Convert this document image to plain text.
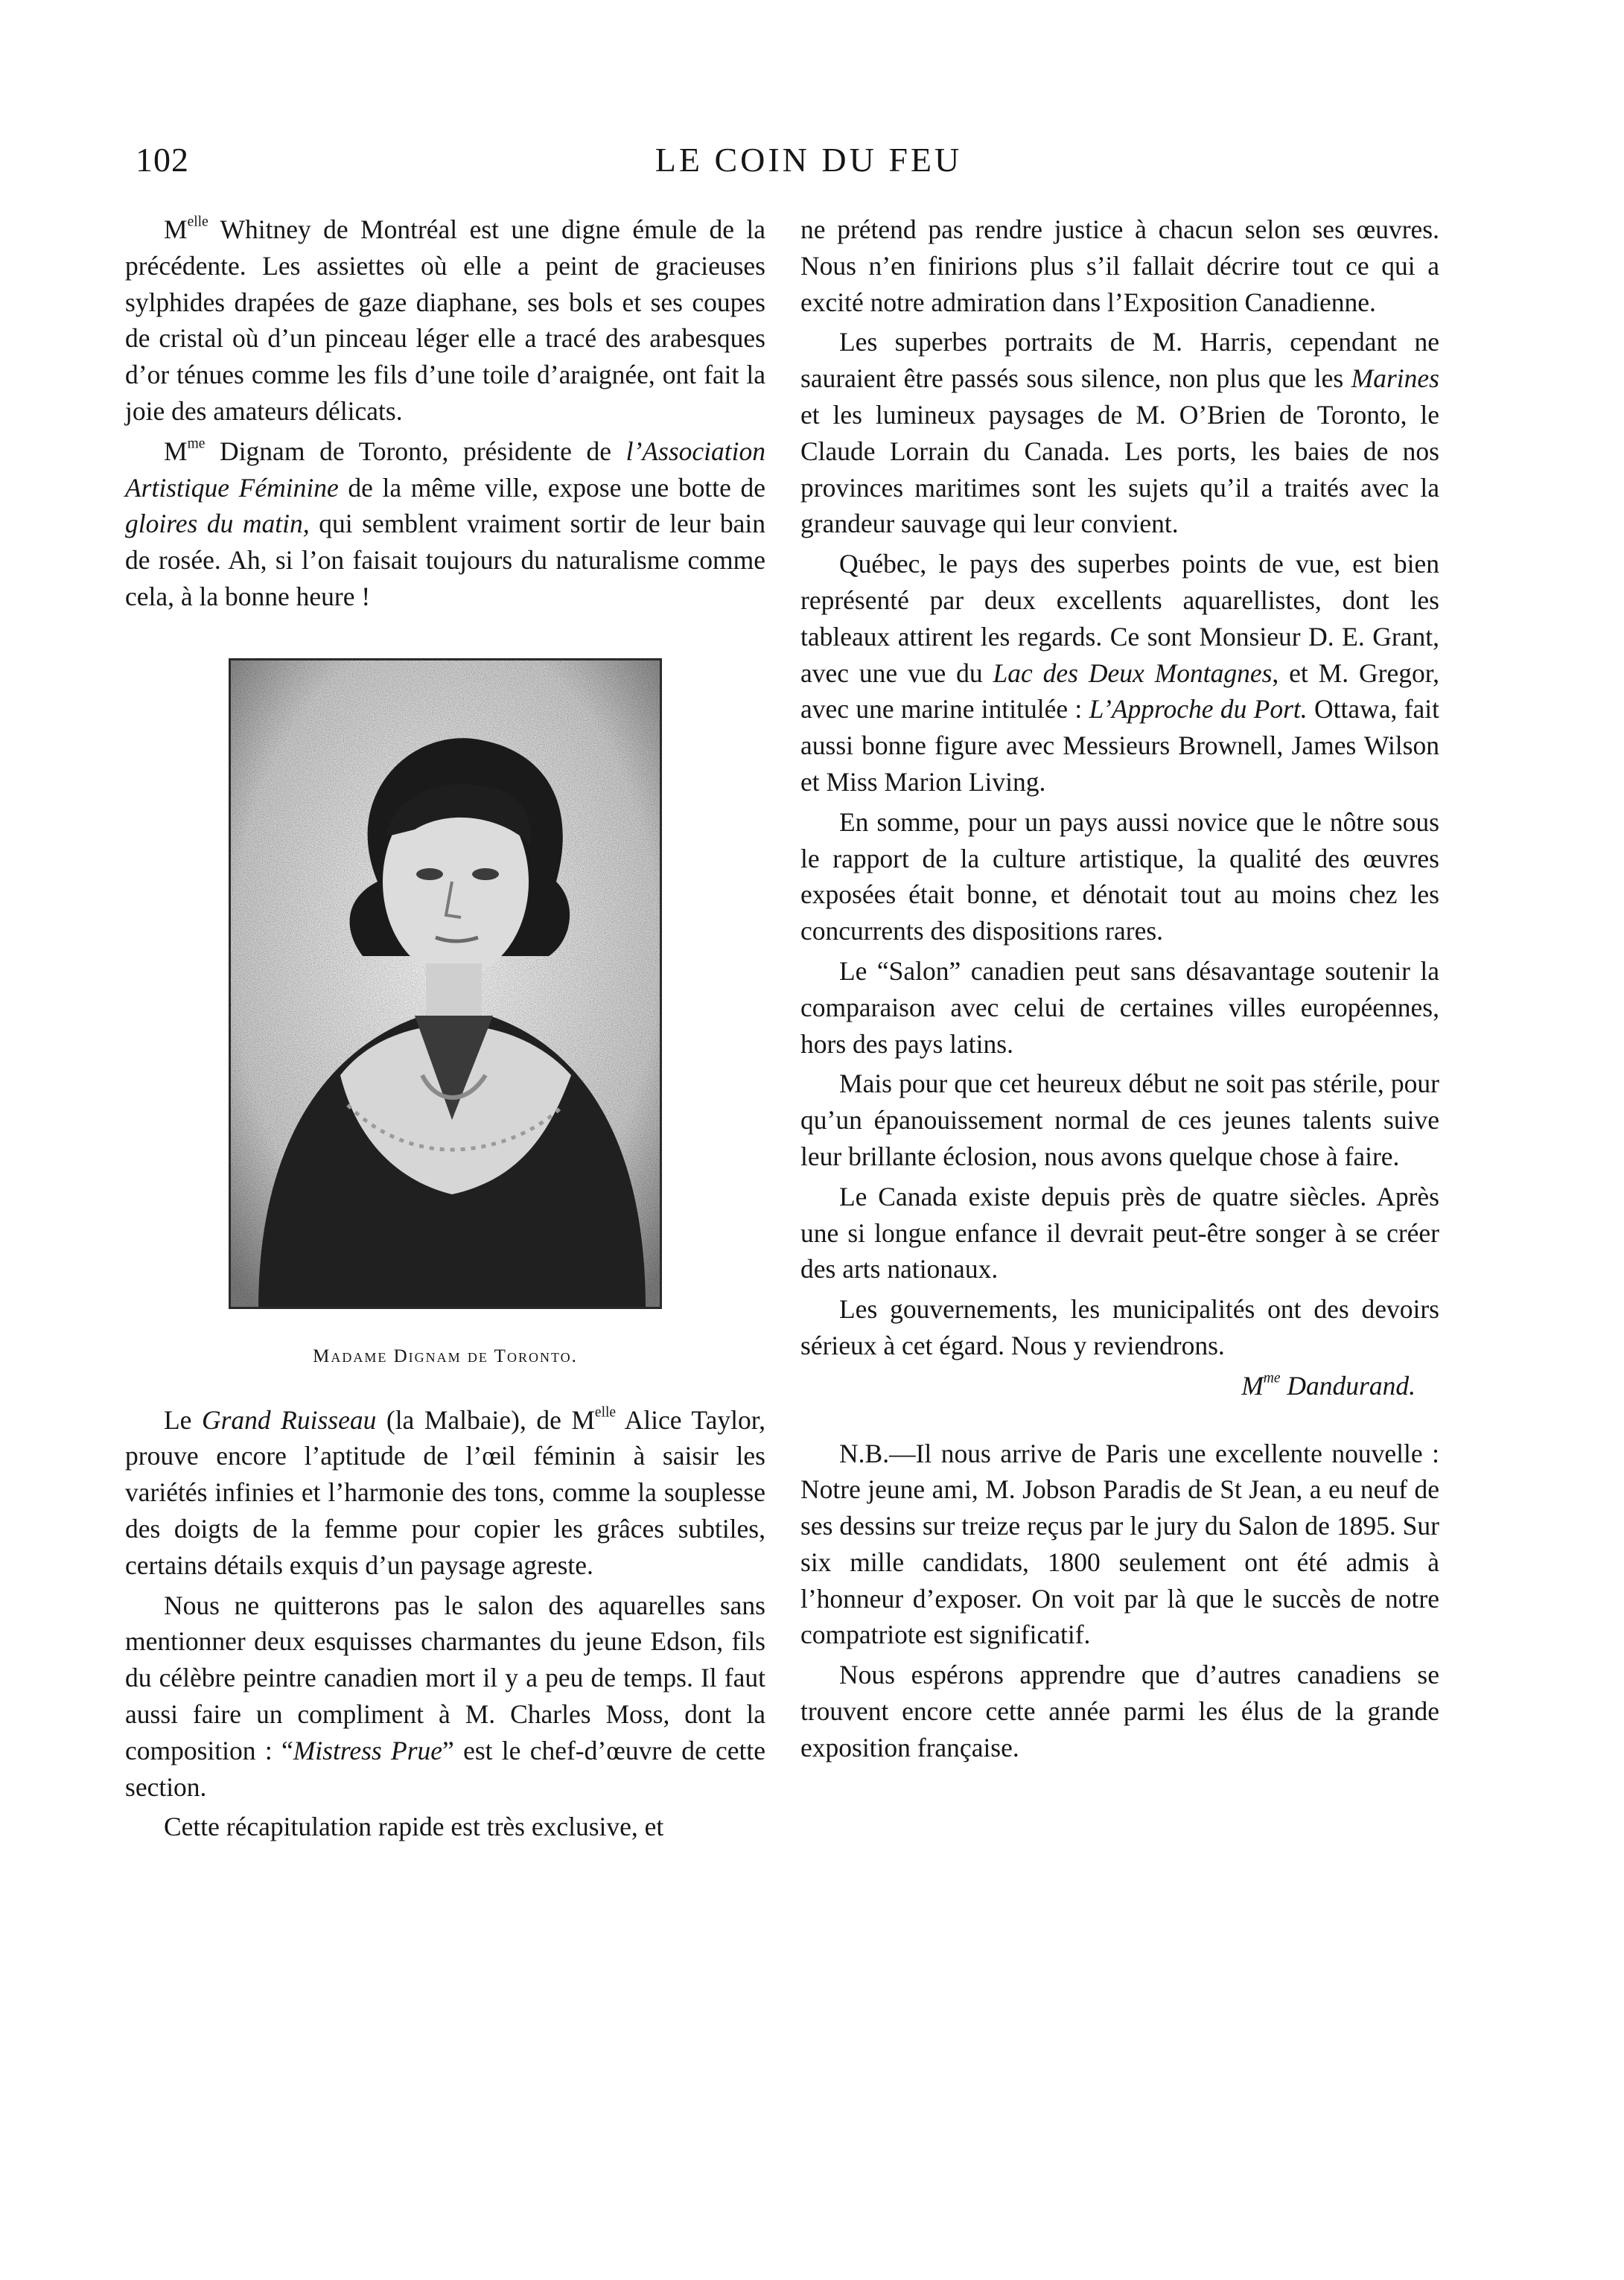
102	LE COIN DU FEU

$M^{elle}$ Whitney de Montréal est une digne émule de la précédente. Les assiettes où elle a peint de gracieuses sylphides drapées de gaze diaphane, ses bols et ses coupes de cristal où d’un pinceau léger elle a tracé des arabesques d’or ténues comme les fils d’une toile d’araignée, ont fait la joie des amateurs délicats.

$M^{me}$ Dignam de Toronto, présidente de l’Association Artistique Féminine de la même ville, expose une botte de gloires du matin, qui semblent vraiment sortir de leur bain de rosée. Ah, si l’on faisait toujours du naturalisme comme cela, à la bonne heure !

Madame Dignam de Toronto.

Le Grand Ruisseau (la Malbaie), de $M^{elle}$ Alice Taylor, prouve encore l’aptitude de l’œil féminin à saisir les variétés infinies et l’harmonie des tons, comme la souplesse des doigts de la femme pour copier les grâces subtiles, certains détails exquis d’un paysage agreste.

Nous ne quitterons pas le salon des aquarelles sans mentionner deux esquisses charmantes du jeune Edson, fils du célèbre peintre canadien mort il y a peu de temps. Il faut aussi faire un compliment à M. Charles Moss, dont la composition : “Mistress Prue” est le chef-d’œuvre de cette section.

Cette récapitulation rapide est très exclusive, et

ne prétend pas rendre justice à chacun selon ses œuvres. Nous n’en finirions plus s’il fallait décrire tout ce qui a excité notre admiration dans l’Exposition Canadienne.

Les superbes portraits de M. Harris, cependant ne sauraient être passés sous silence, non plus que les Marines et les lumineux paysages de M. O’Brien de Toronto, le Claude Lorrain du Canada. Les ports, les baies de nos provinces maritimes sont les sujets qu’il a traités avec la grandeur sauvage qui leur convient.

Québec, le pays des superbes points de vue, est bien représenté par deux excellents aquarellistes, dont les tableaux attirent les regards. Ce sont Monsieur D. E. Grant, avec une vue du Lac des Deux Montagnes, et M. Gregor, avec une marine intitulée : L’Approche du Port. Ottawa, fait aussi bonne figure avec Messieurs Brownell, James Wilson et Miss Marion Living.

En somme, pour un pays aussi novice que le nôtre sous le rapport de la culture artistique, la qualité des œuvres exposées était bonne, et dénotait tout au moins chez les concurrents des dispositions rares.

Le “Salon” canadien peut sans désavantage soutenir la comparaison avec celui de certaines villes européennes, hors des pays latins.

Mais pour que cet heureux début ne soit pas stérile, pour qu’un épanouissement normal de ces jeunes talents suive leur brillante éclosion, nous avons quelque chose à faire.

Le Canada existe depuis près de quatre siècles. Après une si longue enfance il devrait peut-être songer à se créer des arts nationaux.

Les gouvernements, les municipalités ont des devoirs sérieux à cet égard. Nous y reviendrons.

$M^{me}$ Dandurand.

N.B.—Il nous arrive de Paris une excellente nouvelle : Notre jeune ami, M. Jobson Paradis de St Jean, a eu neuf de ses dessins sur treize reçus par le jury du Salon de 1895. Sur six mille candidats, 1800 seulement ont été admis à l’honneur d’exposer. On voit par là que le succès de notre compatriote est significatif.

Nous espérons apprendre que d’autres canadiens se trouvent encore cette année parmi les élus de la grande exposition française.
